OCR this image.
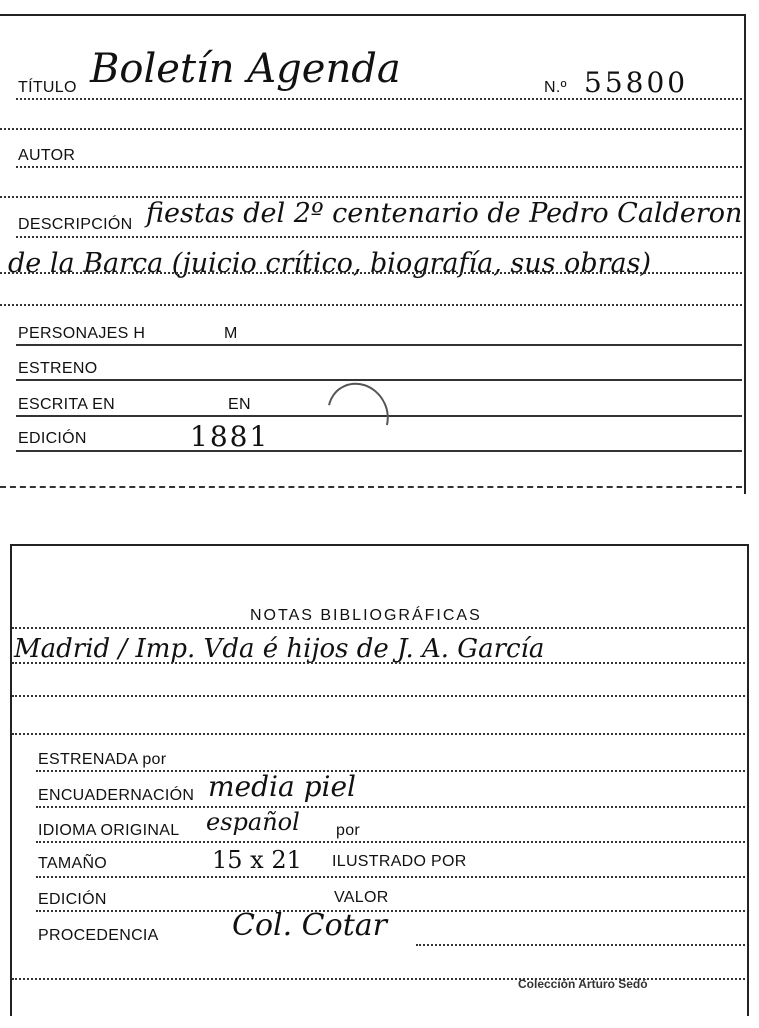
TÍTULO Boletín Agenda	N.º 55800
AUTOR
DESCRIPCIÓN fiestas del 2º centenario de Pedro Calderon
de la Barca (juicio crítico, biografía, sus obras)
PERSONAJES H	M
ESTRENO
ESCRITA EN	EN
EDICIÓN	1881
NOTAS BIBLIOGRÁFICAS
Madrid / Imp. Vda é hijos de J. A. García
ESTRENADA por
ENCUADERNACIÓN media piel
IDIOMA ORIGINAL español por
TAMAÑO	15 x 21 ILUSTRADO POR
EDICIÓN	VALOR
PROCEDENCIA Col. Cotar
Colección Arturo Sedó
